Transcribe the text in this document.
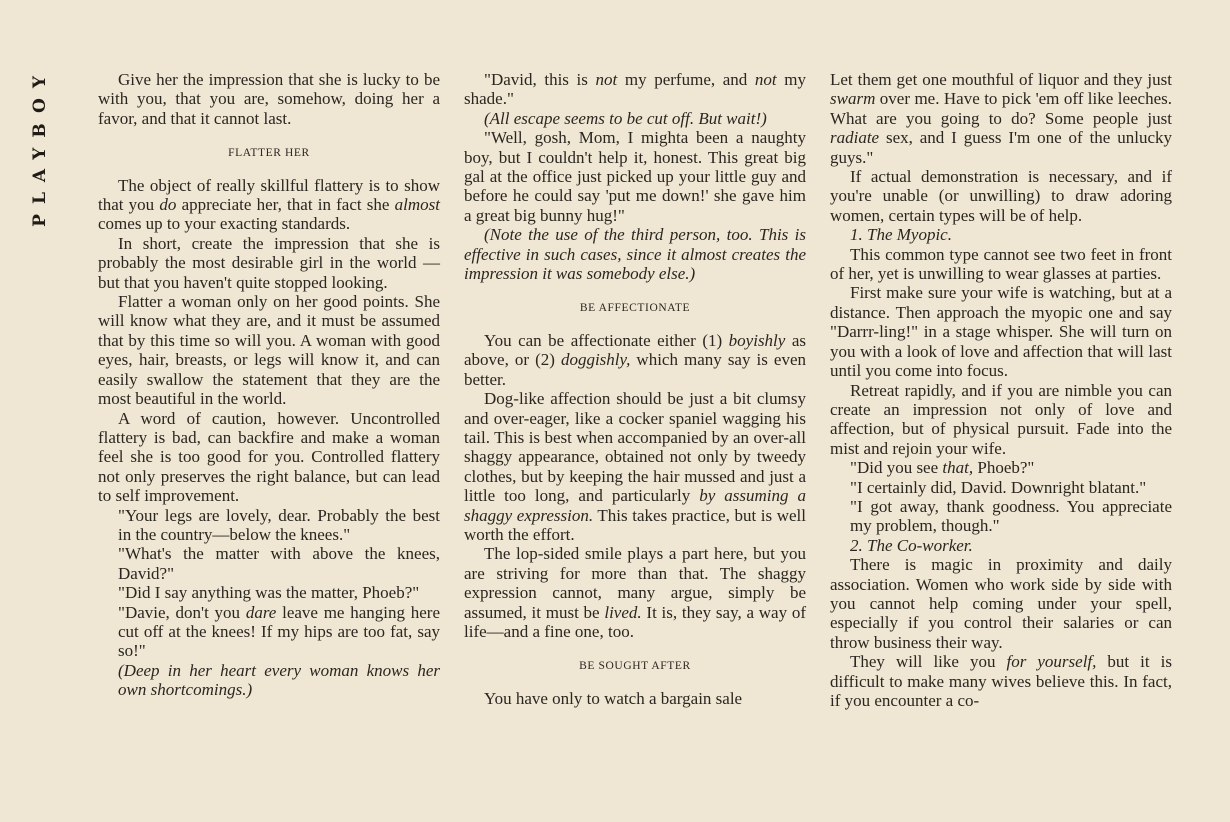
PLAYBOY	Give her the impression that she is lucky to be with you, that you are, somehow, doing her a favor, and that it cannot last.

FLATTER HER

The object of really skillful flattery is to show that you do appreciate her, that in fact she almost comes up to your exacting standards.

In short, create the impression that she is probably the most desirable girl in the world — but that you haven't quite stopped looking.

Flatter a woman only on her good points. She will know what they are, and it must be assumed that by this time so will you. A woman with good eyes, hair, breasts, or legs will know it, and can easily swallow the statement that they are the most beautiful in the world.

A word of caution, however. Uncontrolled flattery is bad, can backfire and make a woman feel she is too good for you. Controlled flattery not only preserves the right balance, but can lead to self improvement.

"Your legs are lovely, dear. Probably the best in the country—below the knees."

"What's the matter with above the knees, David?"

"Did I say anything was the matter, Phoeb?"

"Davie, don't you dare leave me hanging here cut off at the knees! If my hips are too fat, say so!"

(Deep in her heart every woman knows her own shortcomings.)

"David, this is not my perfume, and not my shade."

(All escape seems to be cut off. But wait!)

"Well, gosh, Mom, I mighta been a naughty boy, but I couldn't help it, honest. This great big gal at the office just picked up your little guy and before he could say 'put me down!' she gave him a great big bunny hug!"

(Note the use of the third person, too. This is effective in such cases, since it almost creates the impression it was somebody else.)

BE AFFECTIONATE

You can be affectionate either (1) boyishly as above, or (2) doggishly, which many say is even better.

Dog-like affection should be just a bit clumsy and over-eager, like a cocker spaniel wagging his tail. This is best when accompanied by an over-all shaggy appearance, obtained not only by tweedy clothes, but by keeping the hair mussed and just a little too long, and particularly by assuming a shaggy expression. This takes practice, but is well worth the effort.

The lop-sided smile plays a part here, but you are striving for more than that. The shaggy expression cannot, many argue, simply be assumed, it must be lived. It is, they say, a way of life—and a fine one, too.

BE SOUGHT AFTER

You have only to watch a bargain sale

Let them get one mouthful of liquor and they just swarm over me. Have to pick 'em off like leeches. What are you going to do? Some people just radiate sex, and I guess I'm one of the unlucky guys."

If actual demonstration is necessary, and if you're unable (or unwilling) to draw adoring women, certain types will be of help.

1. The Myopic.

This common type cannot see two feet in front of her, yet is unwilling to wear glasses at parties.

First make sure your wife is watching, but at a distance. Then approach the myopic one and say "Darrr-ling!" in a stage whisper. She will turn on you with a look of love and affection that will last until you come into focus.

Retreat rapidly, and if you are nimble you can create an impression not only of love and affection, but of physical pursuit. Fade into the mist and rejoin your wife.

"Did you see that, Phoeb?"

"I certainly did, David. Downright blatant."

"I got away, thank goodness. You appreciate my problem, though."

2. The Co-worker.

There is magic in proximity and daily association. Women who work side by side with you cannot help coming under your spell, especially if you control their salaries or can throw business their way.

They will like you for yourself, but it is difficult to make many wives believe this. In fact, if you encounter a co-
